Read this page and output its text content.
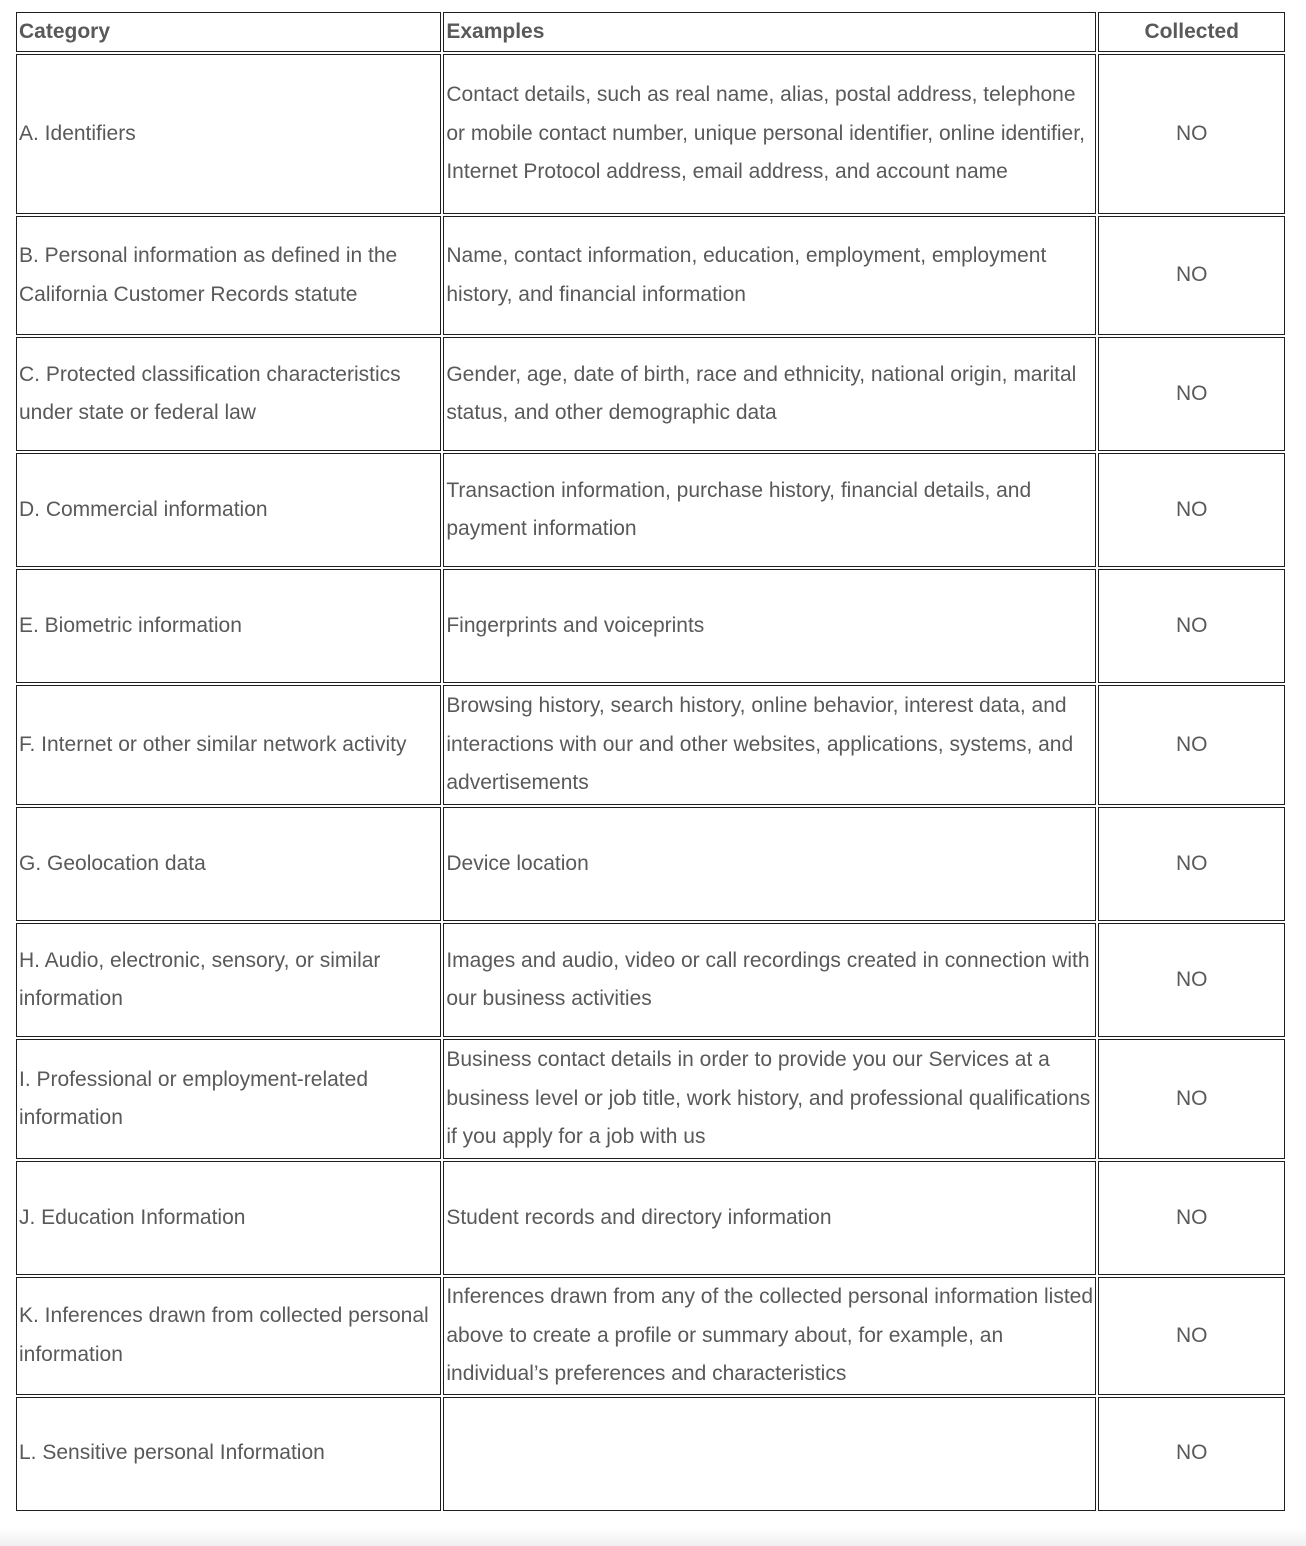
Category	Examples	Collected
A. Identifiers	Contact details, such as real name, alias, postal address, telephone or mobile contact number, unique personal identifier, online identifier, Internet Protocol address, email address, and account name	NO
B. Personal information as defined in the California Customer Records statute	Name, contact information, education, employment, employment history, and financial information	NO
C. Protected classification characteristics under state or federal law	Gender, age, date of birth, race and ethnicity, national origin, marital status, and other demographic data	NO
D. Commercial information	Transaction information, purchase history, financial details, and payment information	NO
E. Biometric information	Fingerprints and voiceprints	NO
F. Internet or other similar network activity	Browsing history, search history, online behavior, interest data, and interactions with our and other websites, applications, systems, and advertisements	NO
G. Geolocation data	Device location	NO
H. Audio, electronic, sensory, or similar information	Images and audio, video or call recordings created in connection with our business activities	NO
I. Professional or employment-related information	Business contact details in order to provide you our Services at a business level or job title, work history, and professional qualifications if you apply for a job with us	NO
J. Education Information	Student records and directory information	NO
K. Inferences drawn from collected personal information	Inferences drawn from any of the collected personal information listed above to create a profile or summary about, for example, an individual’s preferences and characteristics	NO
L. Sensitive personal Information		NO
